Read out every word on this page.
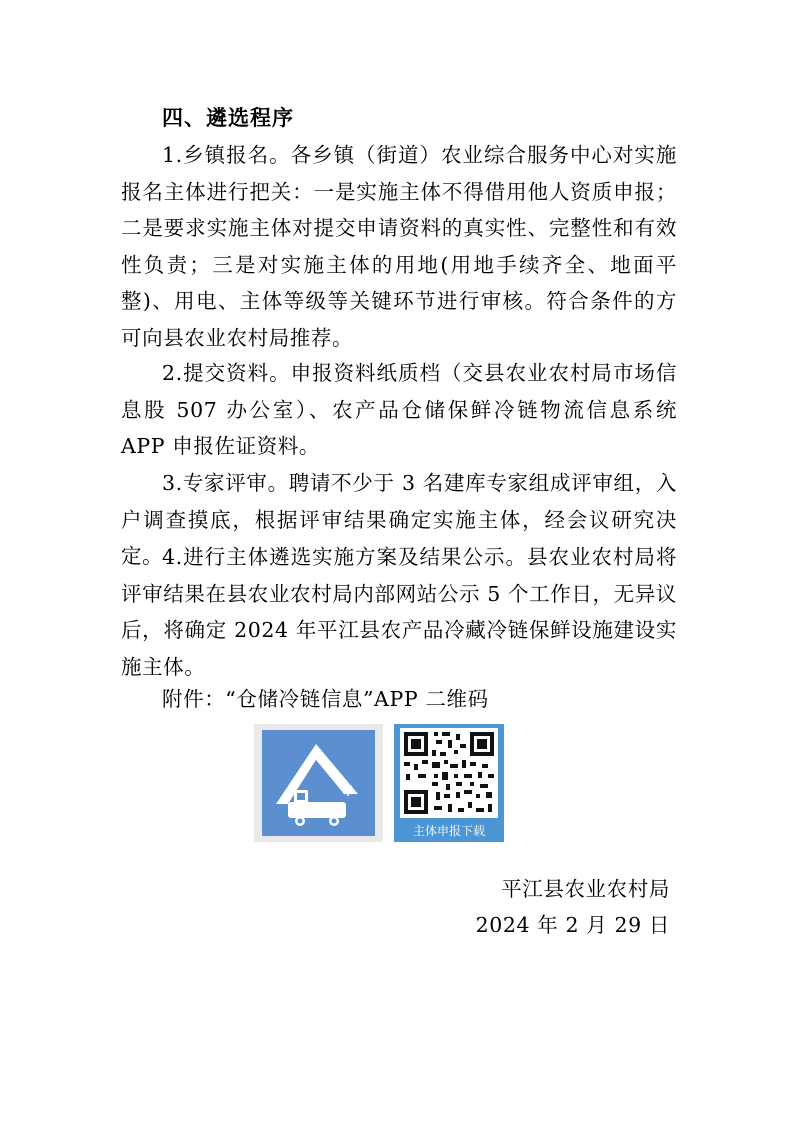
四、遴选程序
1.乡镇报名。各乡镇（街道）农业综合服务中心对实施报名主体进行把关：一是实施主体不得借用他人资质申报；二是要求实施主体对提交申请资料的真实性、完整性和有效性负责；三是对实施主体的用地(用地手续齐全、地面平整)、用电、主体等级等关键环节进行审核。符合条件的方可向县农业农村局推荐。
2.提交资料。申报资料纸质档（交县农业农村局市场信息股 507 办公室）、农产品仓储保鲜冷链物流信息系统 APP 申报佐证资料。
3.专家评审。聘请不少于 3 名建库专家组成评审组，入户调查摸底，根据评审结果确定实施主体，经会议研究决定。
4.进行主体遴选实施方案及结果公示。县农业农村局将评审结果在县农业农村局内部网站公示 5 个工作日，无异议后，将确定 2024 年平江县农产品冷藏冷链保鲜设施建设实施主体。
附件：“仓储冷链信息”APP 二维码
主体申报下载
平江县农业农村局
2024 年 2 月 29 日
